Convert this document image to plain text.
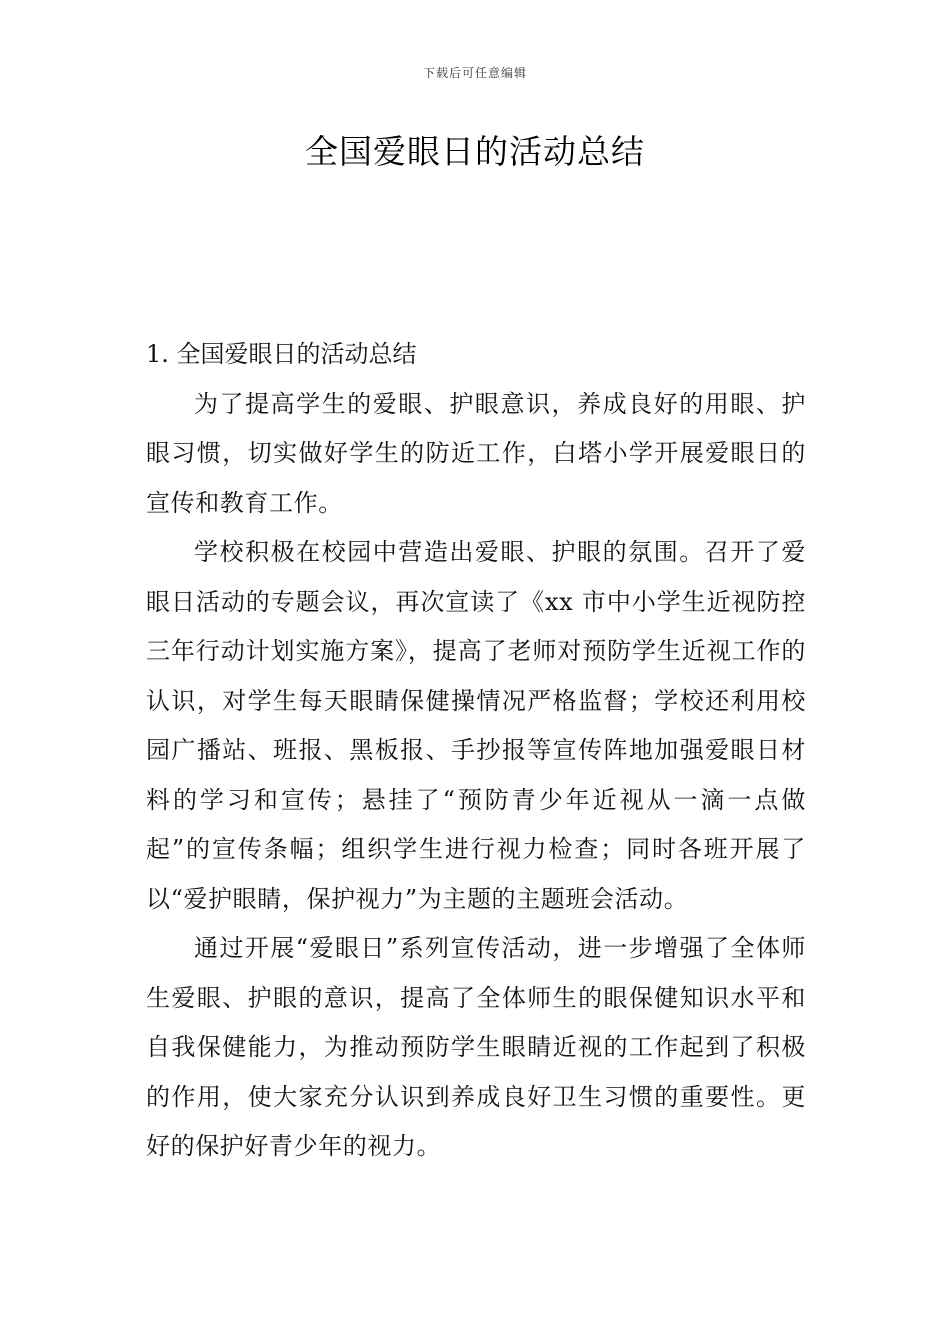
下载后可任意编辑
全国爱眼日的活动总结

1. 全国爱眼日的活动总结

为了提高学生的爱眼、护眼意识，养成良好的用眼、护眼习惯，切实做好学生的防近工作，白塔小学开展爱眼日的宣传和教育工作。

学校积极在校园中营造出爱眼、护眼的氛围。召开了爱眼日活动的专题会议，再次宣读了《xx 市中小学生近视防控三年行动计划实施方案》，提高了老师对预防学生近视工作的认识，对学生每天眼睛保健操情况严格监督；学校还利用校园广播站、班报、黑板报、手抄报等宣传阵地加强爱眼日材料的学习和宣传；悬挂了“预防青少年近视从一滴一点做起”的宣传条幅；组织学生进行视力检查；同时各班开展了以“爱护眼睛，保护视力”为主题的主题班会活动。

通过开展“爱眼日”系列宣传活动，进一步增强了全体师生爱眼、护眼的意识，提高了全体师生的眼保健知识水平和自我保健能力，为推动预防学生眼睛近视的工作起到了积极的作用，使大家充分认识到养成良好卫生习惯的重要性。更好的保护好青少年的视力。
